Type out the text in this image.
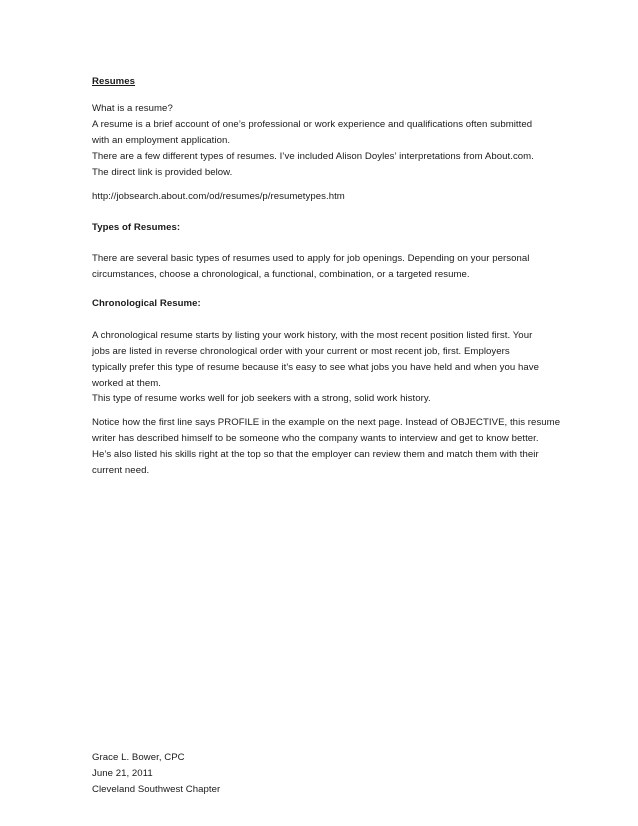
Resumes
What is a resume?
A resume is a brief account of one’s professional or work experience and qualifications often submitted
with an employment application.
There are a few different types of resumes. I’ve included Alison Doyles’ interpretations from About.com.
The direct link is provided below.
http://jobsearch.about.com/od/resumes/p/resumetypes.htm
Types of Resumes:
There are several basic types of resumes used to apply for job openings. Depending on your personal
circumstances, choose a chronological, a functional, combination, or a targeted resume.
Chronological Resume:
A chronological resume starts by listing your work history, with the most recent position listed first. Your
jobs are listed in reverse chronological order with your current or most recent job, first. Employers
typically prefer this type of resume because it's easy to see what jobs you have held and when you have
worked at them.
This type of resume works well for job seekers with a strong, solid work history.
Notice how the first line says PROFILE in the example on the next page. Instead of OBJECTIVE, this resume
writer has described himself to be someone who the company wants to interview and get to know better.
He’s also listed his skills right at the top so that the employer can review them and match them with their
current need.
Grace L. Bower, CPC
June 21, 2011
Cleveland Southwest Chapter
